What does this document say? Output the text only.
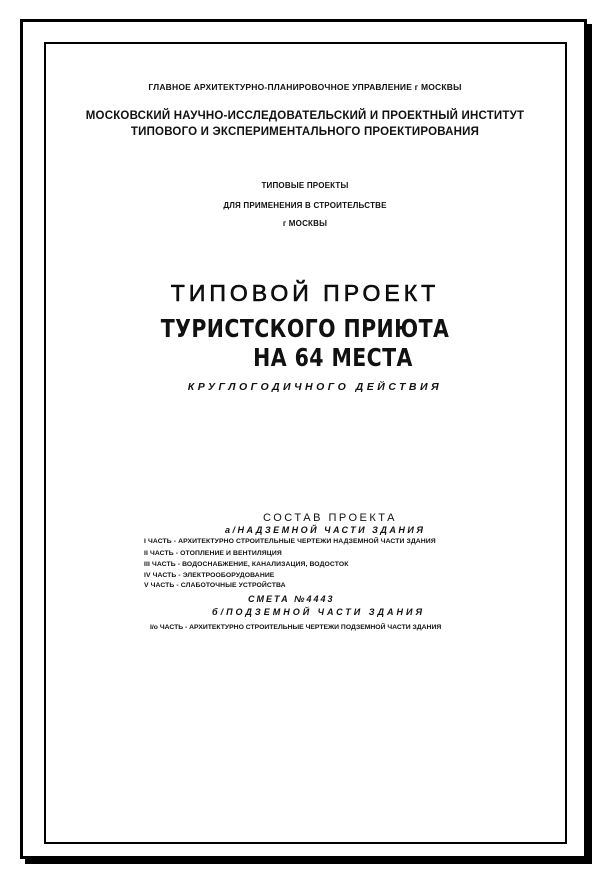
ГЛАВНОЕ АРХИТЕКТУРНО-ПЛАНИРОВОЧНОЕ УПРАВЛЕНИЕ г МОСКВЫ
МОСКОВСКИЙ НАУЧНО-ИССЛЕДОВАТЕЛЬСКИЙ И ПРОЕКТНЫЙ ИНСТИТУТ
ТИПОВОГО И ЭКСПЕРИМЕНТАЛЬНОГО ПРОЕКТИРОВАНИЯ
ТИПОВЫЕ ПРОЕКТЫ
ДЛЯ ПРИМЕНЕНИЯ В СТРОИТЕЛЬСТВЕ
г МОСКВЫ
ТИПОВОЙ ПРОЕКТ
ТУРИСТСКОГО ПРИЮТА
НА 64 МЕСТА
КРУГЛОГОДИЧНОГО ДЕЙСТВИЯ
СОСТАВ ПРОЕКТА
а/НАДЗЕМНОЙ ЧАСТИ ЗДАНИЯ
I ЧАСТЬ - АРХИТЕКТУРНО СТРОИТЕЛЬНЫЕ ЧЕРТЕЖИ НАДЗЕМНОЙ ЧАСТИ ЗДАНИЯ
II ЧАСТЬ - ОТОПЛЕНИЕ И ВЕНТИЛЯЦИЯ
III ЧАСТЬ - ВОДОСНАБЖЕНИЕ, КАНАЛИЗАЦИЯ, ВОДОСТОК
IV ЧАСТЬ - ЭЛЕКТРООБОРУДОВАНИЕ
V ЧАСТЬ - СЛАБОТОЧНЫЕ УСТРОЙСТВА
СМЕТА №4443
б/ПОДЗЕМНОЙ ЧАСТИ ЗДАНИЯ
I/o ЧАСТЬ - АРХИТЕКТУРНО СТРОИТЕЛЬНЫЕ ЧЕРТЕЖИ ПОДЗЕМНОЙ ЧАСТИ ЗДАНИЯ
